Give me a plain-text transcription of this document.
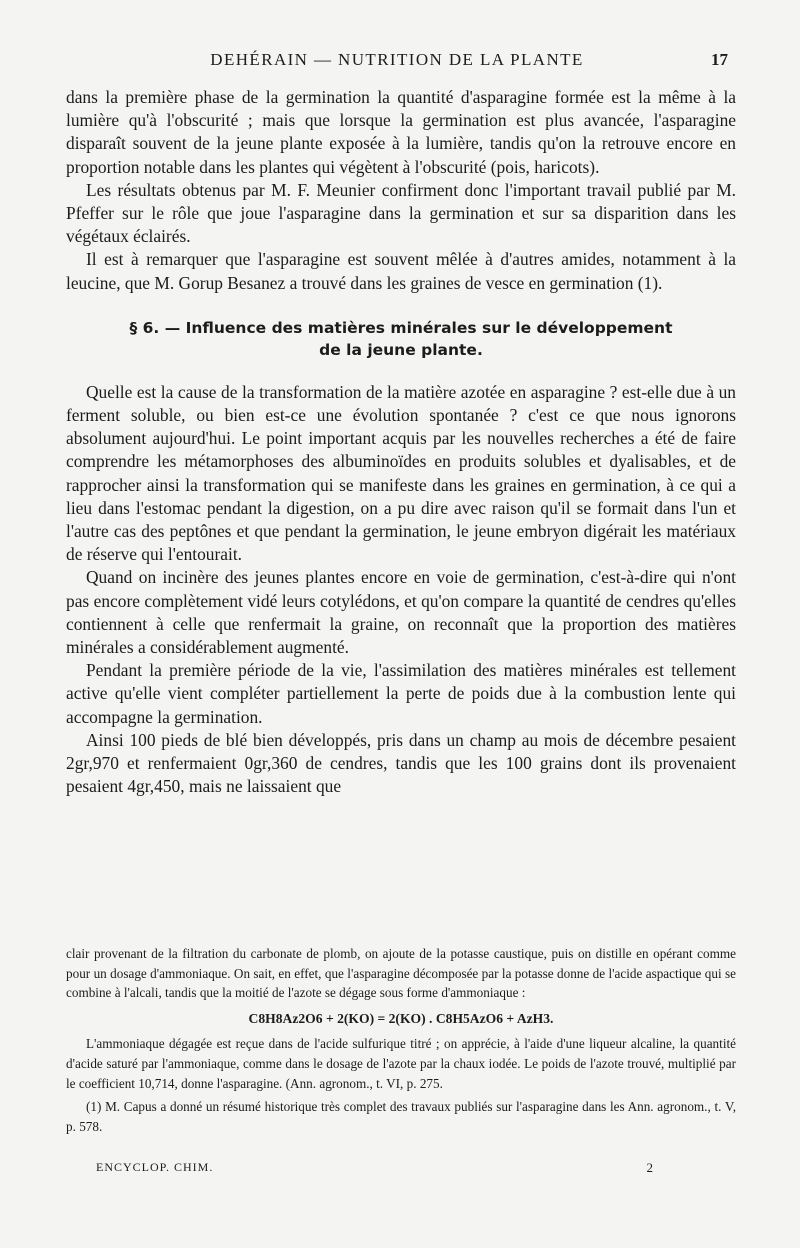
DEHÉRAIN — NUTRITION DE LA PLANTE	17

dans la première phase de la germination la quantité d'asparagine formée est la même à la lumière qu'à l'obscurité ; mais que lorsque la germination est plus avancée, l'asparagine disparaît souvent de la jeune plante exposée à la lumière, tandis qu'on la retrouve encore en proportion notable dans les plantes qui végètent à l'obscurité (pois, haricots).

Les résultats obtenus par M. F. Meunier confirment donc l'important travail publié par M. Pfeffer sur le rôle que joue l'asparagine dans la germination et sur sa disparition dans les végétaux éclairés.

Il est à remarquer que l'asparagine est souvent mêlée à d'autres amides, notamment à la leucine, que M. Gorup Besanez a trouvé dans les graines de vesce en germination (1).

§ 6. — Influence des matières minérales sur le développement
de la jeune plante.

Quelle est la cause de la transformation de la matière azotée en asparagine ? est-elle due à un ferment soluble, ou bien est-ce une évolution spontanée ? c'est ce que nous ignorons absolument aujourd'hui. Le point important acquis par les nouvelles recherches a été de faire comprendre les métamorphoses des albuminoïdes en produits solubles et dyalisables, et de rapprocher ainsi la transformation qui se manifeste dans les graines en germination, à ce qui a lieu dans l'estomac pendant la digestion, on a pu dire avec raison qu'il se formait dans l'un et l'autre cas des peptônes et que pendant la germination, le jeune embryon digérait les matériaux de réserve qui l'entourait.

Quand on incinère des jeunes plantes encore en voie de germination, c'est-à-dire qui n'ont pas encore complètement vidé leurs cotylédons, et qu'on compare la quantité de cendres qu'elles contiennent à celle que renfermait la graine, on reconnaît que la proportion des matières minérales a considérablement augmenté.

Pendant la première période de la vie, l'assimilation des matières minérales est tellement active qu'elle vient compléter partiellement la perte de poids due à la combustion lente qui accompagne la germination.

Ainsi 100 pieds de blé bien développés, pris dans un champ au mois de décembre pesaient 2gr,970 et renfermaient 0gr,360 de cendres, tandis que les 100 grains dont ils provenaient pesaient 4gr,450, mais ne laissaient que

clair provenant de la filtration du carbonate de plomb, on ajoute de la potasse caustique, puis on distille en opérant comme pour un dosage d'ammoniaque. On sait, en effet, que l'asparagine décomposée par la potasse donne de l'acide aspactique qui se combine à l'alcali, tandis que la moitié de l'azote se dégage sous forme d'ammoniaque :

C8H8Az2O6 + 2(KO) = 2(KO) . C8H5AzO6 + AzH3.

L'ammoniaque dégagée est reçue dans de l'acide sulfurique titré ; on apprécie, à l'aide d'une liqueur alcaline, la quantité d'acide saturé par l'ammoniaque, comme dans le dosage de l'azote par la chaux iodée. Le poids de l'azote trouvé, multiplié par le coefficient 10,714, donne l'asparagine. (Ann. agronom., t. VI, p. 275.

(1) M. Capus a donné un résumé historique très complet des travaux publiés sur l'asparagine dans les Ann. agronom., t. V, p. 578.

ENCYCLOP. CHIM.	2
